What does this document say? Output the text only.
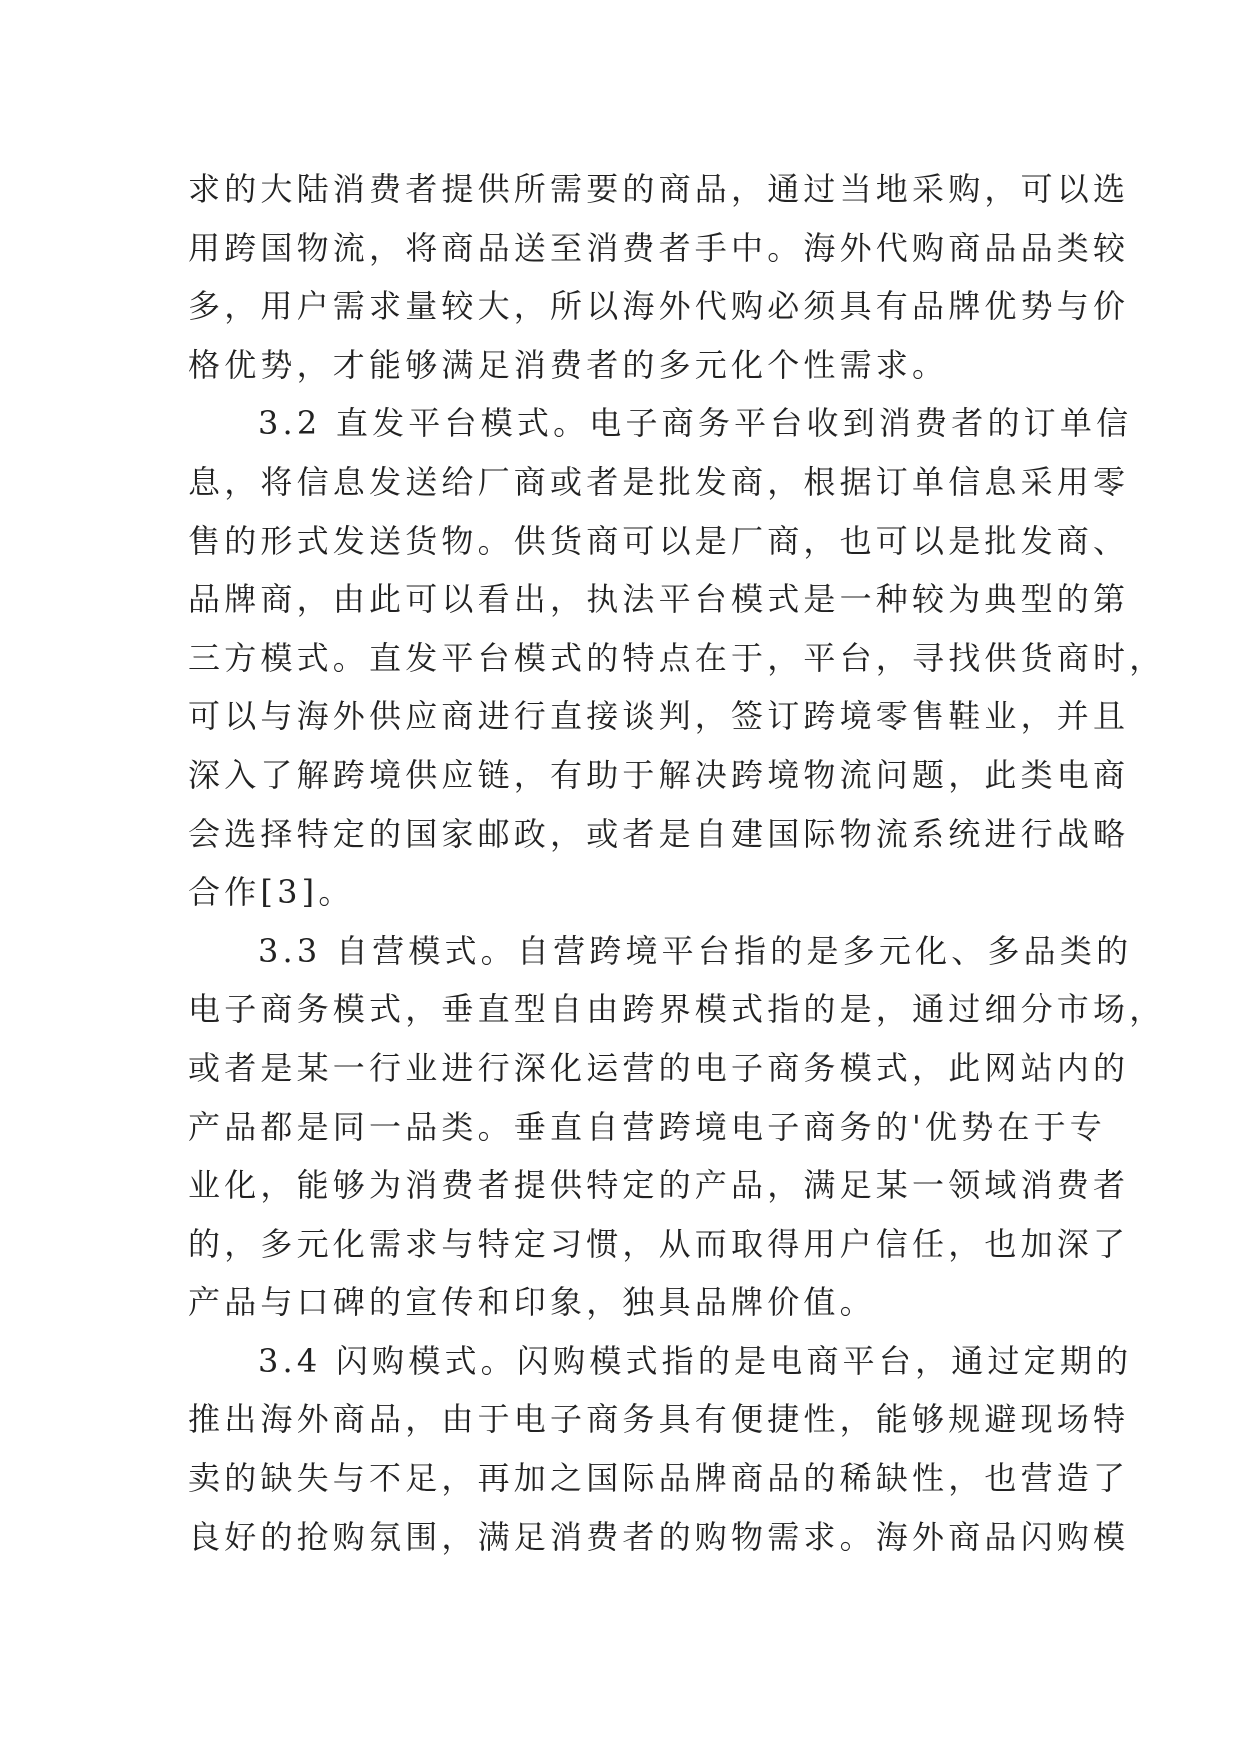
求的大陆消费者提供所需要的商品，通过当地采购，可以选
用跨国物流，将商品送至消费者手中。海外代购商品品类较
多，用户需求量较大，所以海外代购必须具有品牌优势与价
格优势，才能够满足消费者的多元化个性需求。
3.2 直发平台模式。电子商务平台收到消费者的订单信
息，将信息发送给厂商或者是批发商，根据订单信息采用零
售的形式发送货物。供货商可以是厂商，也可以是批发商、
品牌商，由此可以看出，执法平台模式是一种较为典型的第
三方模式。直发平台模式的特点在于，平台，寻找供货商时，
可以与海外供应商进行直接谈判，签订跨境零售鞋业，并且
深入了解跨境供应链，有助于解决跨境物流问题，此类电商
会选择特定的国家邮政，或者是自建国际物流系统进行战略
合作[3]。
3.3 自营模式。自营跨境平台指的是多元化、多品类的
电子商务模式，垂直型自由跨界模式指的是，通过细分市场，
或者是某一行业进行深化运营的电子商务模式，此网站内的
产品都是同一品类。垂直自营跨境电子商务的'优势在于专
业化，能够为消费者提供特定的产品，满足某一领域消费者
的，多元化需求与特定习惯，从而取得用户信任，也加深了
产品与口碑的宣传和印象，独具品牌价值。
3.4 闪购模式。闪购模式指的是电商平台，通过定期的
推出海外商品，由于电子商务具有便捷性，能够规避现场特
卖的缺失与不足，再加之国际品牌商品的稀缺性，也营造了
良好的抢购氛围，满足消费者的购物需求。海外商品闪购模
